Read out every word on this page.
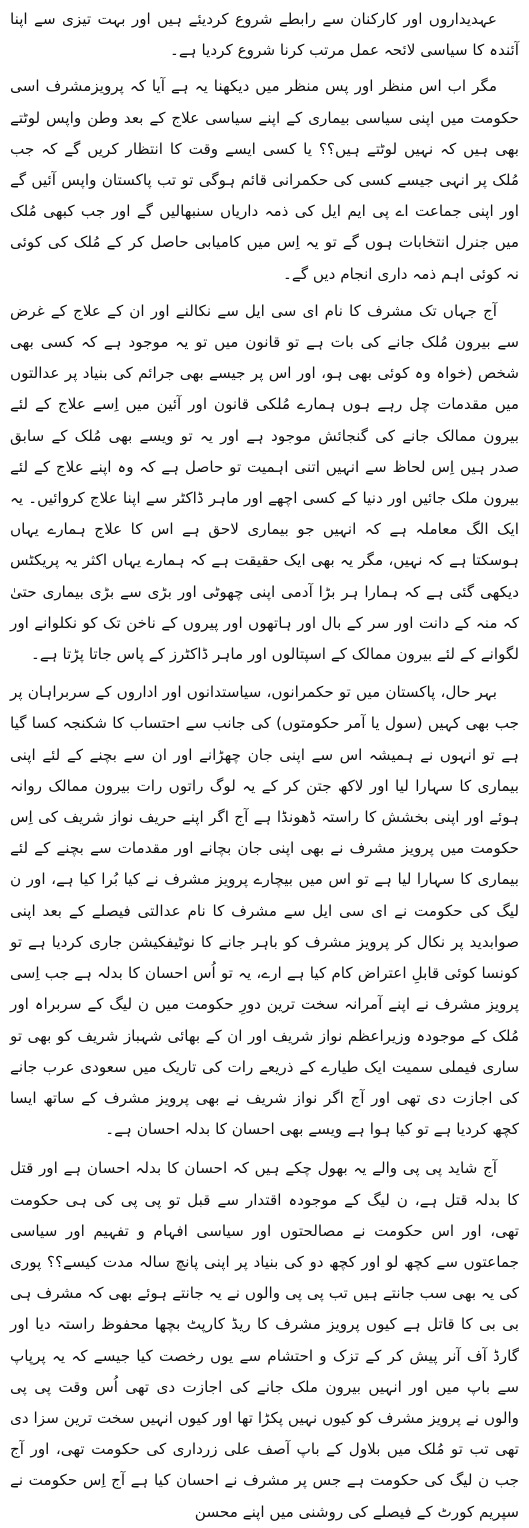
عہدیداروں اور کارکنان سے رابطے شروع کردیئے ہیں اور بہت تیزی سے اپنا آئندہ کا سیاسی لائحہ عمل مرتب کرنا شروع کردیا ہے۔

مگر اب اس منظر اور پس منظر میں دیکھنا یہ ہے آیا کہ پرویزمشرف اسی حکومت میں اپنی سیاسی بیماری کے اپنے سیاسی علاج کے بعد وطن واپس لوٹتے بھی ہیں کہ نہیں لوٹتے ہیں؟؟ یا کسی ایسے وقت کا انتظار کریں گے کہ جب مُلک پر انہی جیسے کسی کی حکمرانی قائم ہوگی تو تب پاکستان واپس آئیں گے اور اپنی جماعت اے پی ایم ایل کی ذمہ داریاں سنبھالیں گے اور جب کبھی مُلک میں جنرل انتخابات ہوں گے تو یہ اِس میں کامیابی حاصل کر کے مُلک کی کوئی نہ کوئی اہم ذمہ داری انجام دیں گے۔

آج جہاں تک مشرف کا نام ای سی ایل سے نکالنے اور ان کے علاج کے غرض سے بیرون مُلک جانے کی بات ہے تو قانون میں تو یہ موجود ہے کہ کسی بھی شخص (خواہ وہ کوئی بھی ہو، اور اس پر جیسے بھی جرائم کی بنیاد پر عدالتوں میں مقدمات چل رہے ہوں ہمارے مُلکی قانون اور آئین میں اِسے علاج کے لئے بیرون ممالک جانے کی گنجائش موجود ہے اور یہ تو ویسے بھی مُلک کے سابق صدر ہیں اِس لحاظ سے انہیں اتنی اہمیت تو حاصل ہے کہ وہ اپنے علاج کے لئے بیرون ملک جائیں اور دنیا کے کسی اچھے اور ماہر ڈاکٹر سے اپنا علاج کروائیں۔ یہ ایک الگ معاملہ ہے کہ انہیں جو بیماری لاحق ہے اس کا علاج ہمارے یہاں ہوسکتا ہے کہ نہیں، مگر یہ بھی ایک حقیقت ہے کہ ہمارے یہاں اکثر یہ پریکٹس دیکھی گئی ہے کہ ہمارا ہر بڑا آدمی اپنی چھوٹی اور بڑی سے بڑی بیماری حتیٰ کہ منہ کے دانت اور سر کے بال اور ہاتھوں اور پیروں کے ناخن تک کو نکلوانے اور لگوانے کے لئے بیرون ممالک کے اسپتالوں اور ماہر ڈاکٹرز کے پاس جاتا پڑتا ہے۔

بہر حال، پاکستان میں تو حکمرانوں، سیاستدانوں اور اداروں کے سربراہان پر جب بھی کہیں (سول یا آمر حکومتوں) کی جانب سے احتساب کا شکنجہ کسا گیا ہے تو انہوں نے ہمیشہ اس سے اپنی جان چھڑانے اور ان سے بچنے کے لئے اپنی بیماری کا سہارا لیا اور لاکھ جتن کر کے یہ لوگ راتوں رات بیرون ممالک روانہ ہوئے اور اپنی بخشش کا راستہ ڈھونڈا ہے آج اگر اپنے حریف نواز شریف کی اِس حکومت میں پرویز مشرف نے بھی اپنی جان بچانے اور مقدمات سے بچنے کے لئے بیماری کا سہارا لیا ہے تو اس میں بیچارے پرویز مشرف نے کیا بُرا کیا ہے، اور ن لیگ کی حکومت نے ای سی ایل سے مشرف کا نام عدالتی فیصلے کے بعد اپنی صوابدید پر نکال کر پرویز مشرف کو باہر جانے کا نوٹیفکیشن جاری کردیا ہے تو کونسا کوئی قابلِ اعتراض کام کیا ہے ارے، یہ تو اُس احسان کا بدلہ ہے جب اِسی پرویز مشرف نے اپنے آمرانہ سخت ترین دورِ حکومت میں ن لیگ کے سربراہ اور مُلک کے موجودہ وزیراعظم نواز شریف اور ان کے بھائی شہباز شریف کو بھی تو ساری فیملی سمیت ایک طیارے کے ذریعے رات کی تاریک میں سعودی عرب جانے کی اجازت دی تھی اور آج اگر نواز شریف نے بھی پرویز مشرف کے ساتھ ایسا کچھ کردیا ہے تو کیا ہوا ہے ویسے بھی احسان کا بدلہ احسان ہے۔

آج شاید پی پی والے یہ بھول چکے ہیں کہ احسان کا بدلہ احسان ہے اور قتل کا بدلہ قتل ہے، ن لیگ کے موجودہ اقتدار سے قبل تو پی پی کی ہی حکومت تھی، اور اس حکومت نے مصالحتوں اور سیاسی افہام و تفہیم اور سیاسی جماعتوں سے کچھ لو اور کچھ دو کی بنیاد پر اپنی پانچ سالہ مدت کیسے؟؟ پوری کی یہ بھی سب جانتے ہیں تب پی پی والوں نے یہ جانتے ہوئے بھی کہ مشرف ہی بی بی کا قاتل ہے کیوں پرویز مشرف کا ریڈ کارپٹ بچھا محفوظ راستہ دیا اور گارڈ آف آنر پیش کر کے تزک و احتشام سے یوں رخصت کیا جیسے کہ یہ پرپاپ سے باپ میں اور انہیں بیرون ملک جانے کی اجازت دی تھی اُس وقت پی پی والوں نے پرویز مشرف کو کیوں نہیں پکڑا تھا اور کیوں انہیں سخت ترین سزا دی تھی تب تو مُلک میں بلاول کے باپ آصف علی زرداری کی حکومت تھی، اور آج جب ن لیگ کی حکومت ہے جس پر مشرف نے احسان کیا ہے آج اِس حکومت نے سپریم کورٹ کے فیصلے کی روشنی میں اپنے محسن
